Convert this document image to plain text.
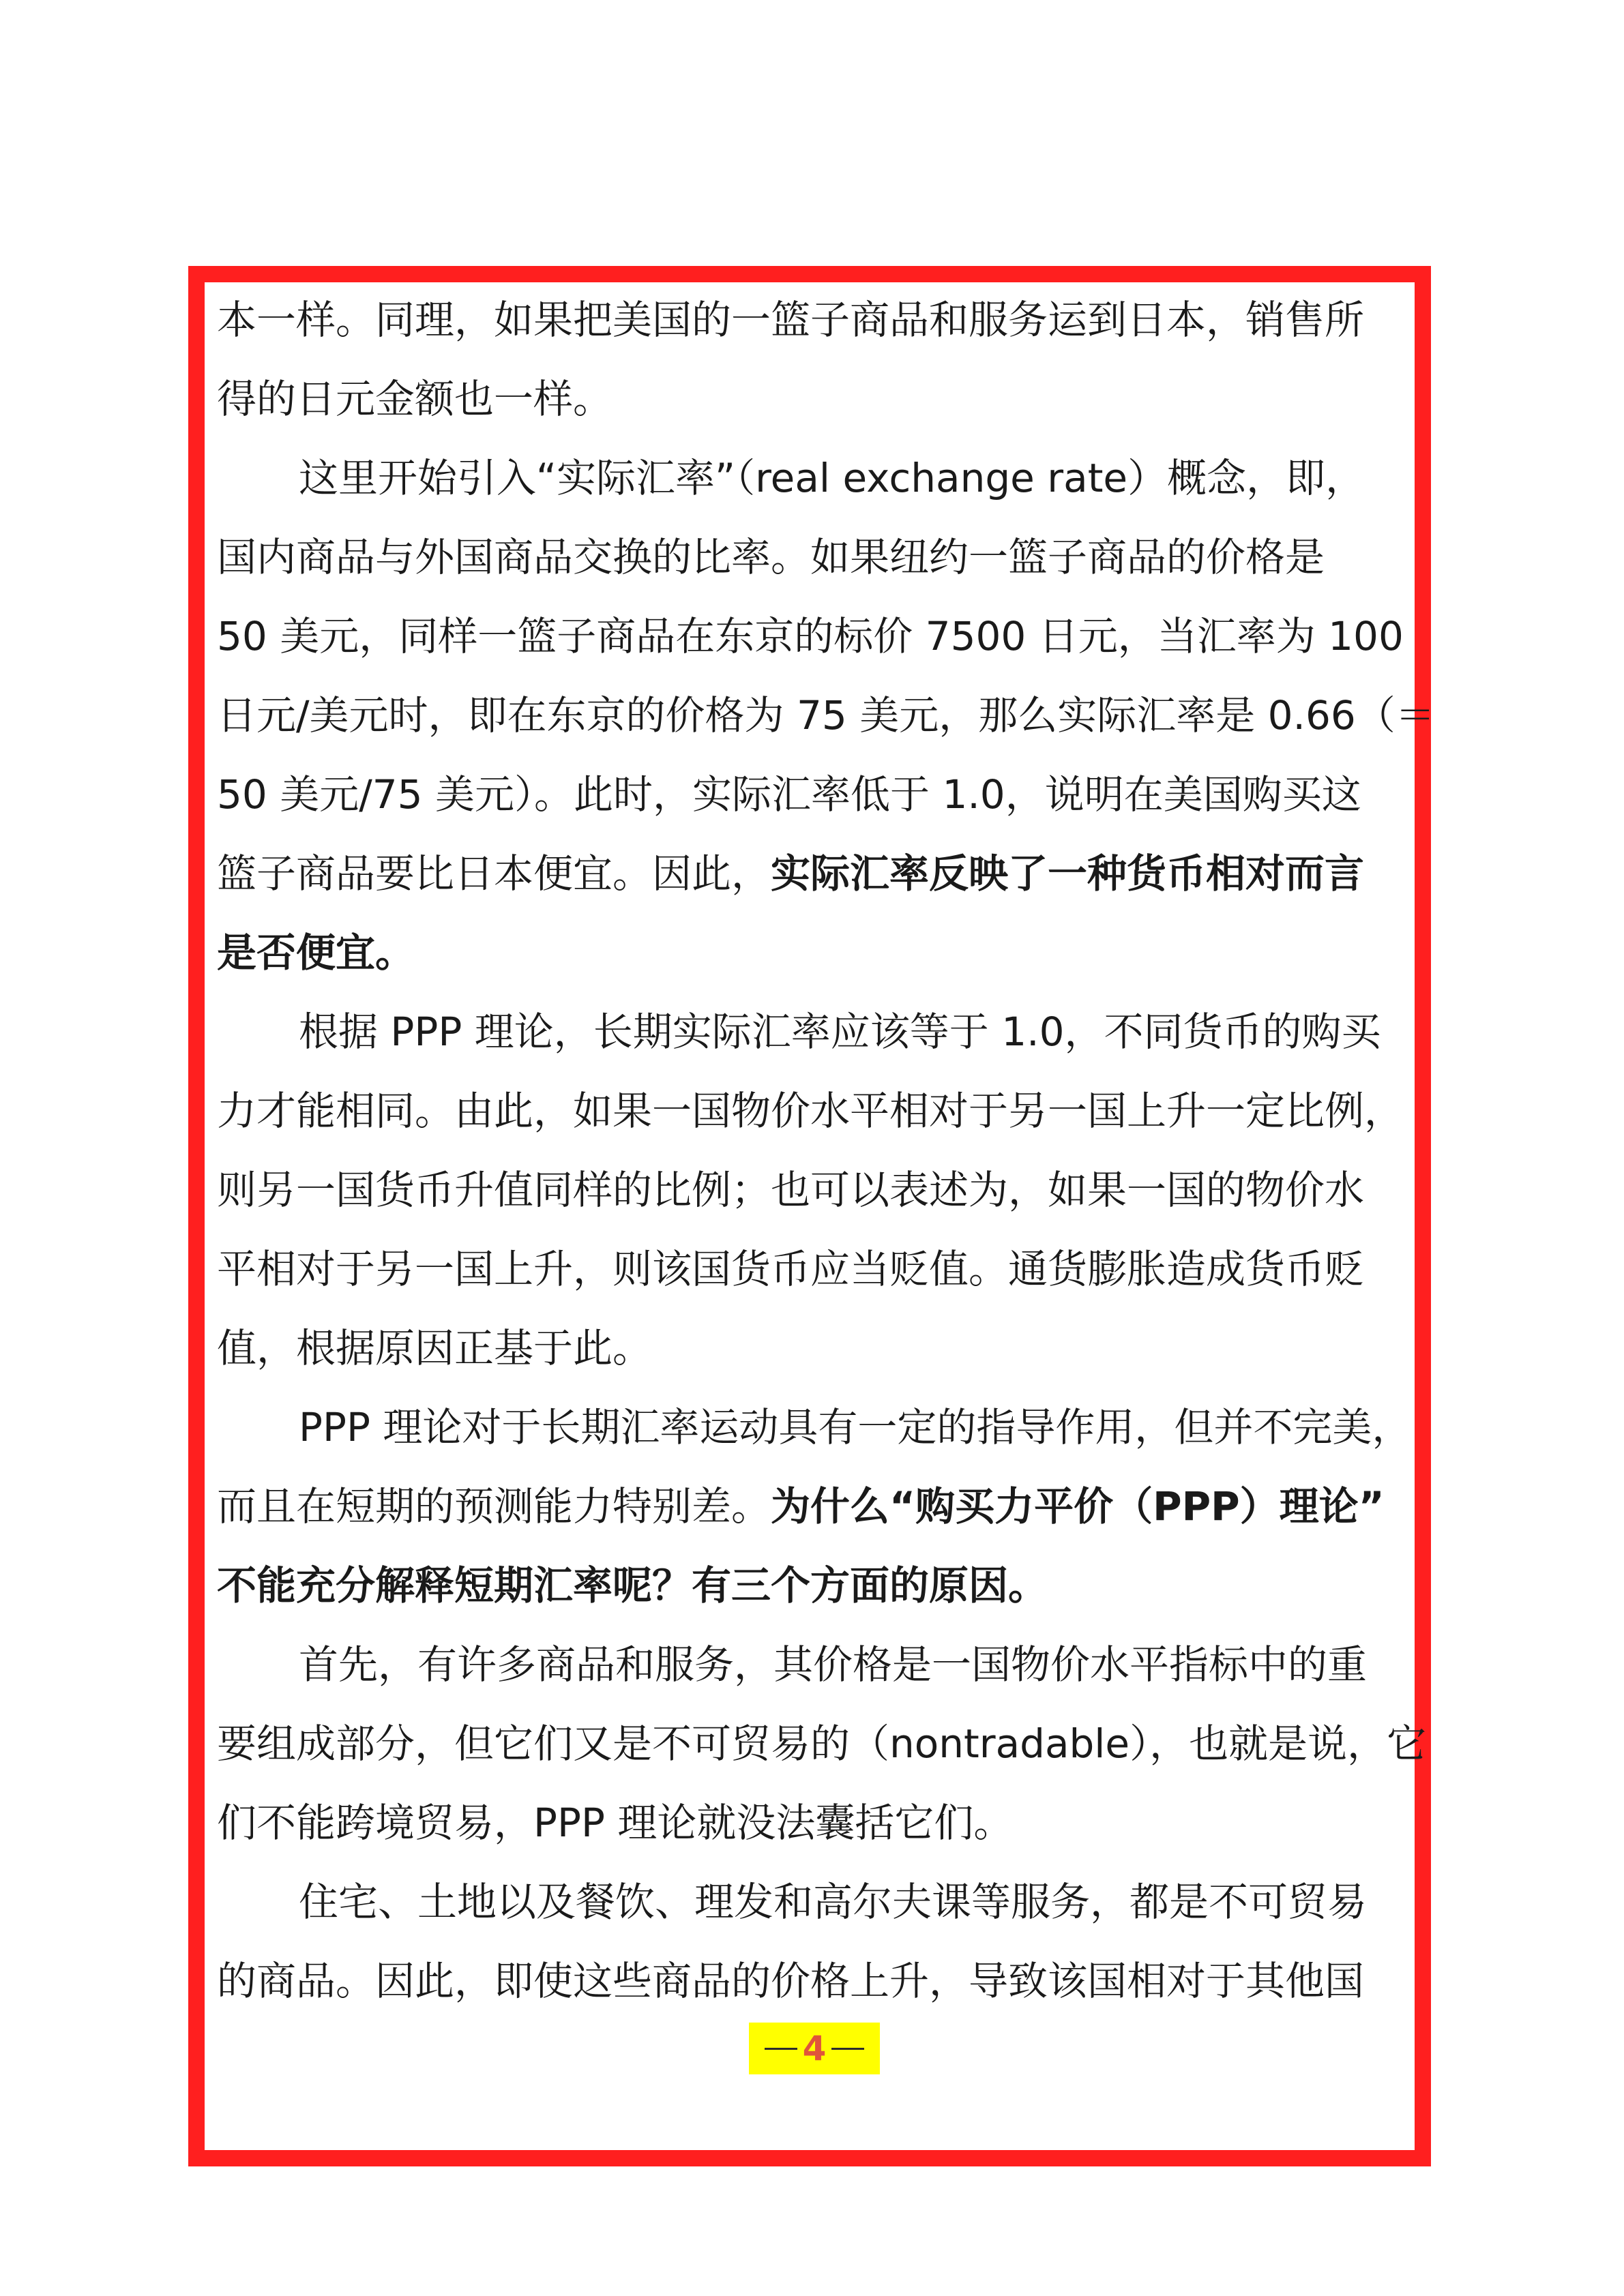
本一样。同理，如果把美国的一篮子商品和服务运到日本，销售所
得的日元金额也一样。
这里开始引入“实际汇率”（real exchange rate）概念，即，
国内商品与外国商品交换的比率。如果纽约一篮子商品的价格是
50 美元，同样一篮子商品在东京的标价 7500 日元，当汇率为 100
日元/美元时，即在东京的价格为 75 美元，那么实际汇率是 0.66（＝
50 美元/75 美元）。此时，实际汇率低于 1.0，说明在美国购买这
篮子商品要比日本便宜。因此，实际汇率反映了一种货币相对而言
是否便宜。
根据 PPP 理论，长期实际汇率应该等于 1.0，不同货币的购买
力才能相同。由此，如果一国物价水平相对于另一国上升一定比例，
则另一国货币升值同样的比例；也可以表述为，如果一国的物价水
平相对于另一国上升，则该国货币应当贬值。通货膨胀造成货币贬
值，根据原因正基于此。
PPP 理论对于长期汇率运动具有一定的指导作用，但并不完美，
而且在短期的预测能力特别差。为什么“购买力平价（PPP）理论”
不能充分解释短期汇率呢？有三个方面的原因。
首先，有许多商品和服务，其价格是一国物价水平指标中的重
要组成部分，但它们又是不可贸易的（nontradable），也就是说，它
们不能跨境贸易，PPP 理论就没法囊括它们。
住宅、土地以及餐饮、理发和高尔夫课等服务，都是不可贸易
的商品。因此，即使这些商品的价格上升，导致该国相对于其他国
4
